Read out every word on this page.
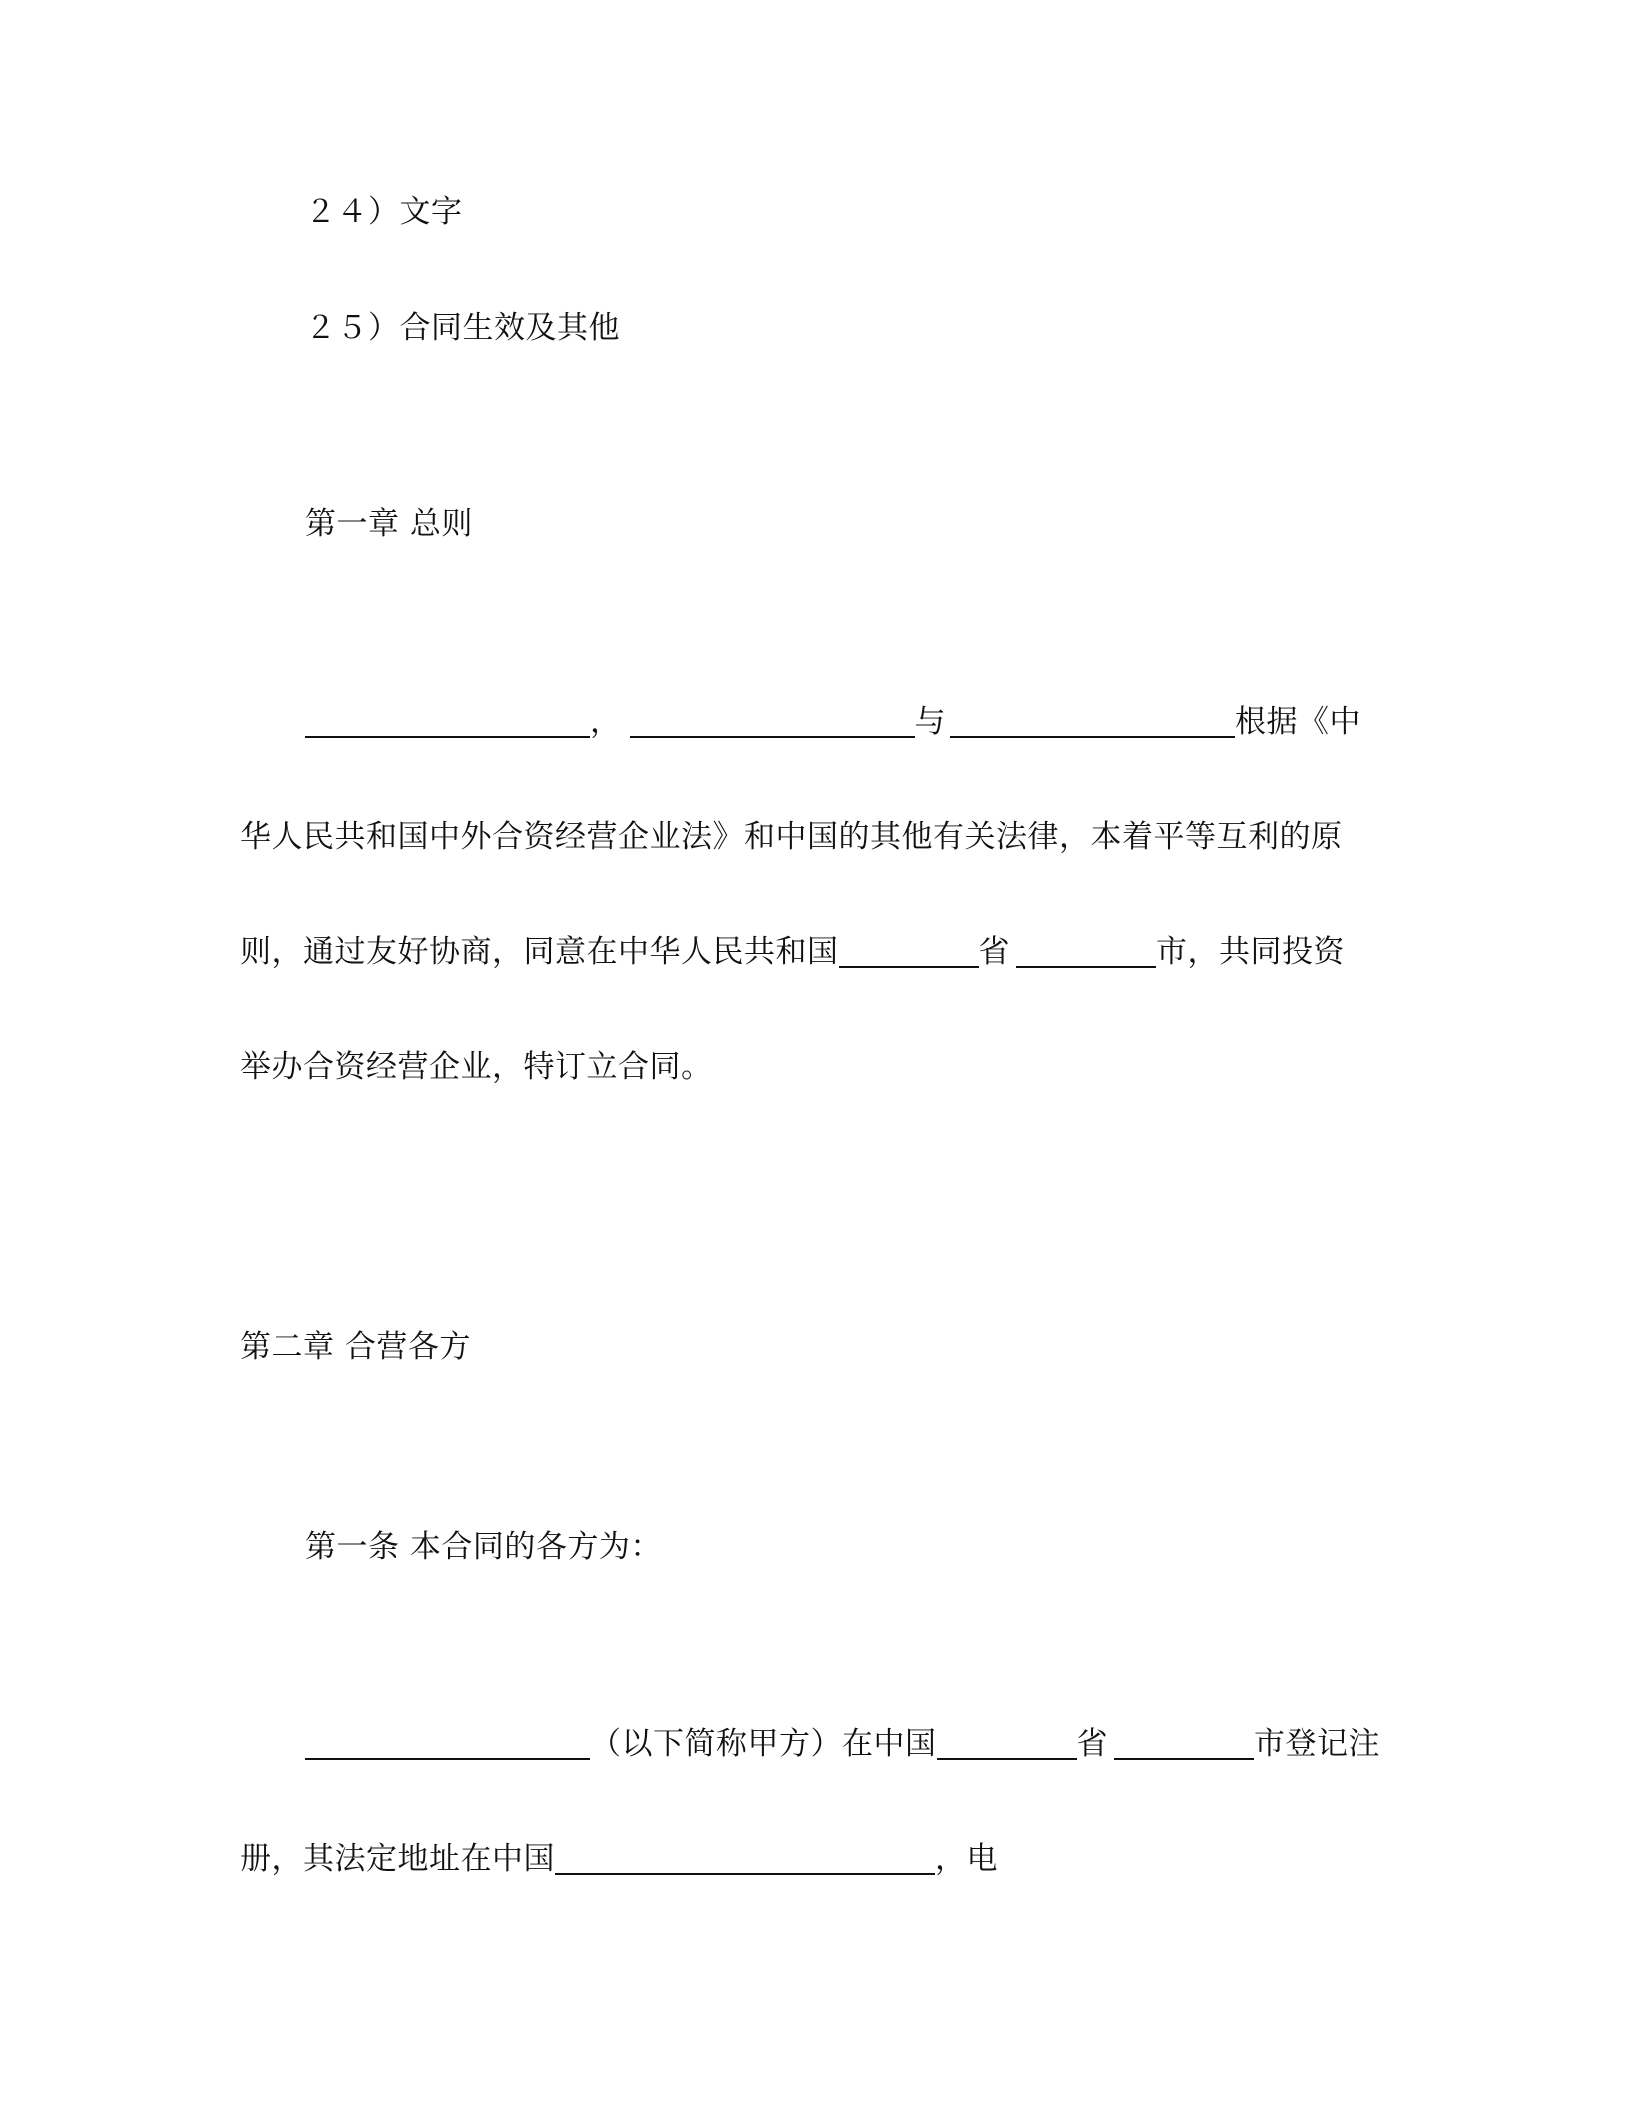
２４）文字
２５）合同生效及其他
第一章 总则
，	与	根据《中
华人民共和国中外合资经营企业法》和中国的其他有关法律，本着平等互利的原
则，通过友好协商，同意在中华人民共和国	省	市，共同投资
举办合资经营企业，特订立合同。
第二章 合营各方
第一条 本合同的各方为：
（以下简称甲方）在中国	省	市登记注
册，其法定地址在中国	，电
